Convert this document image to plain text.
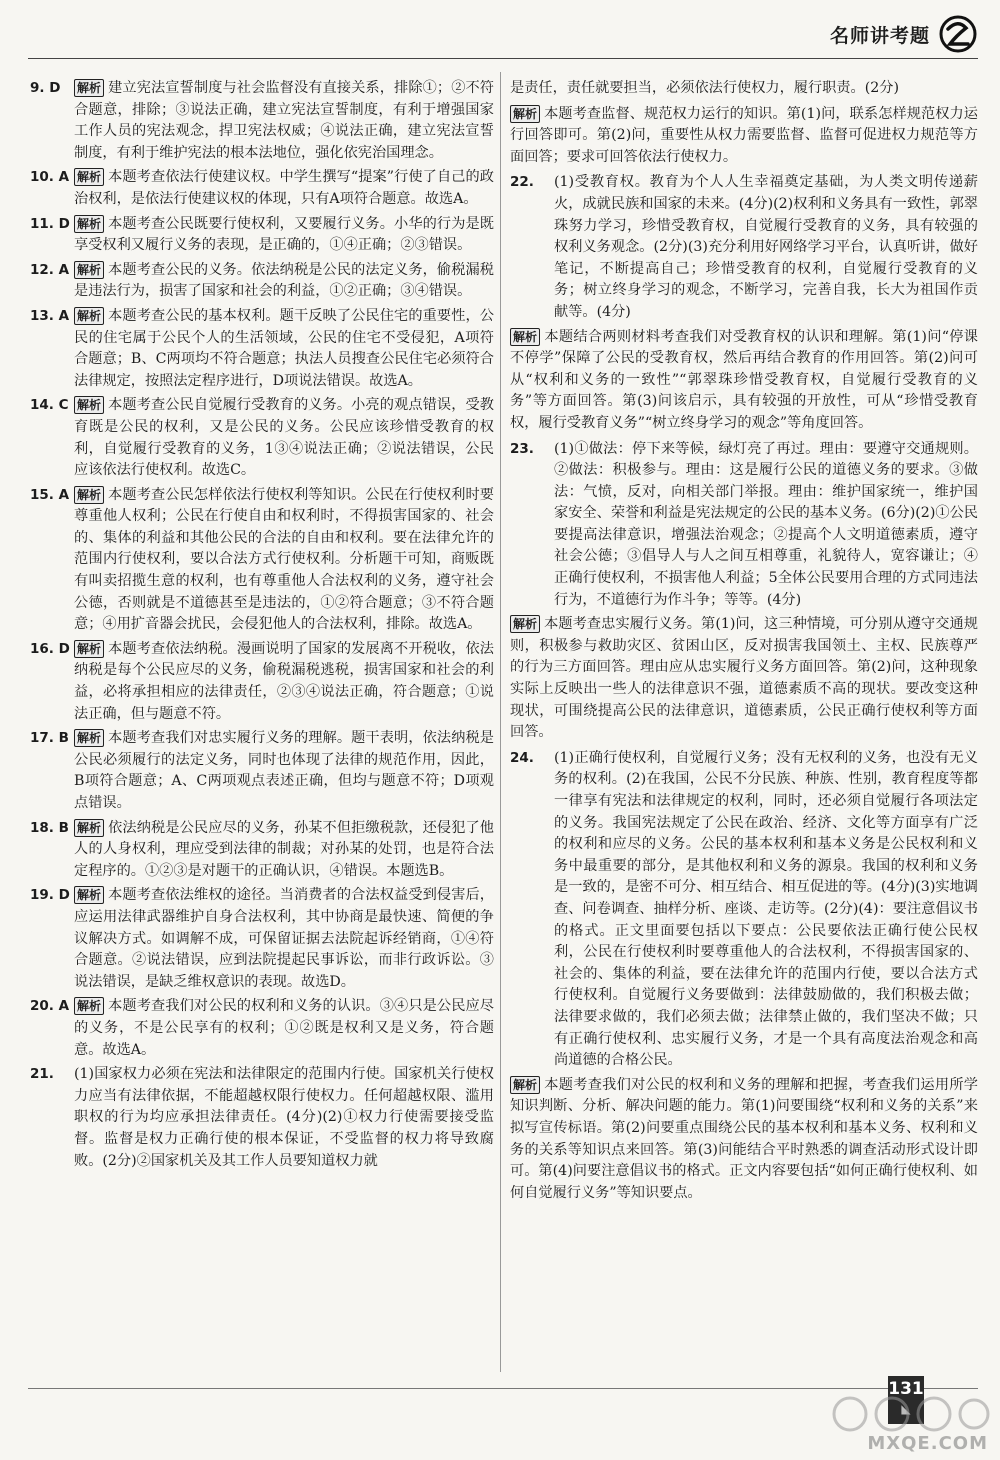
名师讲考题
9. D	解析 建立宪法宣誓制度与社会监督没有直接关系，排除①；②不符合题意，排除；③说法正确，建立宪法宣誓制度，有利于增强国家工作人员的宪法观念，捍卫宪法权威；④说法正确，建立宪法宣誓制度，有利于维护宪法的根本法地位，强化依宪治国理念。
10. A 解析 本题考查依法行使建议权。中学生撰写“提案”行使了自己的政治权利，是依法行使建议权的体现，只有A项符合题意。故选A。
11. D 解析 本题考查公民既要行使权利，又要履行义务。小华的行为是既享受权利又履行义务的表现，是正确的，①④正确；②③错误。
12. A 解析 本题考查公民的义务。依法纳税是公民的法定义务，偷税漏税是违法行为，损害了国家和社会的利益，①②正确；③④错误。
13. A 解析 本题考查公民的基本权利。题干反映了公民住宅的重要性，公民的住宅属于公民个人的生活领域，公民的住宅不受侵犯，A项符合题意；B、C两项均不符合题意；执法人员搜查公民住宅必须符合法律规定，按照法定程序进行，D项说法错误。故选A。
14. C 解析 本题考查公民自觉履行受教育的义务。小亮的观点错误，受教育既是公民的权利，又是公民的义务。公民应该珍惜受教育的权利，自觉履行受教育的义务，1③④说法正确；②说法错误，公民应该依法行使权利。故选C。
15. A 解析 本题考查公民怎样依法行使权利等知识。公民在行使权利时要尊重他人权利；公民在行使自由和权利时，不得损害国家的、社会的、集体的利益和其他公民的合法的自由和权利。要在法律允许的范围内行使权利，要以合法方式行使权利。分析题干可知，商贩既有叫卖招揽生意的权利，也有尊重他人合法权利的义务，遵守社会公德，否则就是不道德甚至是违法的，①②符合题意；③不符合题意；④用扩音器会扰民，会侵犯他人的合法权利，排除。故选A。
16. D 解析 本题考查依法纳税。漫画说明了国家的发展离不开税收，依法纳税是每个公民应尽的义务，偷税漏税逃税，损害国家和社会的利益，必将承担相应的法律责任，②③④说法正确，符合题意；①说法正确，但与题意不符。
17. B 解析 本题考查我们对忠实履行义务的理解。题干表明，依法纳税是公民必须履行的法定义务，同时也体现了法律的规范作用，因此，B项符合题意；A、C两项观点表述正确，但均与题意不符；D项观点错误。
18. B 解析 依法纳税是公民应尽的义务，孙某不但拒缴税款，还侵犯了他人的人身权利，理应受到法律的制裁；对孙某的处罚，也是符合法定程序的。①②③是对题干的正确认识，④错误。本题选B。
19. D 解析 本题考查依法维权的途径。当消费者的合法权益受到侵害后，应运用法律武器维护自身合法权利，其中协商是最快速、简便的争议解决方式。如调解不成，可保留证据去法院起诉经销商，①④符合题意。②说法错误，应到法院提起民事诉讼，而非行政诉讼。③说法错误，是缺乏维权意识的表现。故选D。
20. A 解析 本题考查我们对公民的权利和义务的认识。③④只是公民应尽的义务，不是公民享有的权利；①②既是权利又是义务，符合题意。故选A。
21.	(1)国家权力必须在宪法和法律限定的范围内行使。国家机关行使权力应当有法律依据，不能超越权限行使权力。任何超越权限、滥用职权的行为均应承担法律责任。(4分)(2)①权力行使需要接受监督。监督是权力正确行使的根本保证，不受监督的权力将导致腐败。(2分)②国家机关及其工作人员要知道权力就
是责任，责任就要担当，必须依法行使权力，履行职责。(2分)
解析 本题考查监督、规范权力运行的知识。第(1)问，联系怎样规范权力运行回答即可。第(2)问，重要性从权力需要监督、监督可促进权力规范等方面回答；要求可回答依法行使权力。
22.	(1)受教育权。教育为个人人生幸福奠定基础，为人类文明传递薪火，成就民族和国家的未来。(4分)(2)权利和义务具有一致性，郭翠珠努力学习，珍惜受教育权，自觉履行受教育的义务，具有较强的权利义务观念。(2分)(3)充分利用好网络学习平台，认真听讲，做好笔记，不断提高自己；珍惜受教育的权利，自觉履行受教育的义务；树立终身学习的观念，不断学习，完善自我，长大为祖国作贡献等。(4分)
解析 本题结合两则材料考查我们对受教育权的认识和理解。第(1)问“停课不停学”保障了公民的受教育权，然后再结合教育的作用回答。第(2)问可从“权利和义务的一致性”“郭翠珠珍惜受教育权，自觉履行受教育的义务”等方面回答。第(3)问该启示，具有较强的开放性，可从“珍惜受教育权，履行受教育义务”“树立终身学习的观念”等角度回答。
23.	(1)①做法：停下来等候，绿灯亮了再过。理由：要遵守交通规则。②做法：积极参与。理由：这是履行公民的道德义务的要求。③做法：气愤，反对，向相关部门举报。理由：维护国家统一，维护国家安全、荣誉和利益是宪法规定的公民的基本义务。(6分)(2)①公民要提高法律意识，增强法治观念；②提高个人文明道德素质，遵守社会公德；③倡导人与人之间互相尊重，礼貌待人，宽容谦让；④正确行使权利，不损害他人利益；5全体公民要用合理的方式同违法行为，不道德行为作斗争；等等。(4分)
解析 本题考查忠实履行义务。第(1)问，这三种情境，可分别从遵守交通规则，积极参与救助灾区、贫困山区，反对损害我国领土、主权、民族尊严的行为三方面回答。理由应从忠实履行义务方面回答。第(2)问，这种现象实际上反映出一些人的法律意识不强，道德素质不高的现状。要改变这种现状，可围绕提高公民的法律意识，道德素质，公民正确行使权利等方面回答。
24.	(1)正确行使权利，自觉履行义务；没有无权利的义务，也没有无义务的权利。(2)在我国，公民不分民族、种族、性别，教育程度等都一律享有宪法和法律规定的权利，同时，还必须自觉履行各项法定的义务。我国宪法规定了公民在政治、经济、文化等方面享有广泛的权利和应尽的义务。公民的基本权利和基本义务是公民权利和义务中最重要的部分，是其他权利和义务的源泉。我国的权利和义务是一致的，是密不可分、相互结合、相互促进的等。(4分)(3)实地调查、问卷调查、抽样分析、座谈、走访等。(2分)(4)：要注意倡议书的格式。正文里面要包括以下要点：公民要依法正确行使公民权利，公民在行使权利时要尊重他人的合法权利，不得损害国家的、社会的、集体的利益，要在法律允许的范围内行使，要以合法方式行使权利。自觉履行义务要做到：法律鼓励做的，我们积极去做；法律要求做的，我们必须去做；法律禁止做的，我们坚决不做；只有正确行使权利、忠实履行义务，才是一个具有高度法治观念和高尚道德的合格公民。
解析 本题考查我们对公民的权利和义务的理解和把握，考查我们运用所学知识判断、分析、解决问题的能力。第(1)问要围绕“权利和义务的关系”来拟写宣传标语。第(2)问要重点围绕公民的基本权利和基本义务、权利和义务的关系等知识点来回答。第(3)问能结合平时熟悉的调查活动形式设计即可。第(4)问要注意倡议书的格式。正文内容要包括“如何正确行使权利、如何自觉履行义务”等知识要点。
131
◣
MXQE.COM
